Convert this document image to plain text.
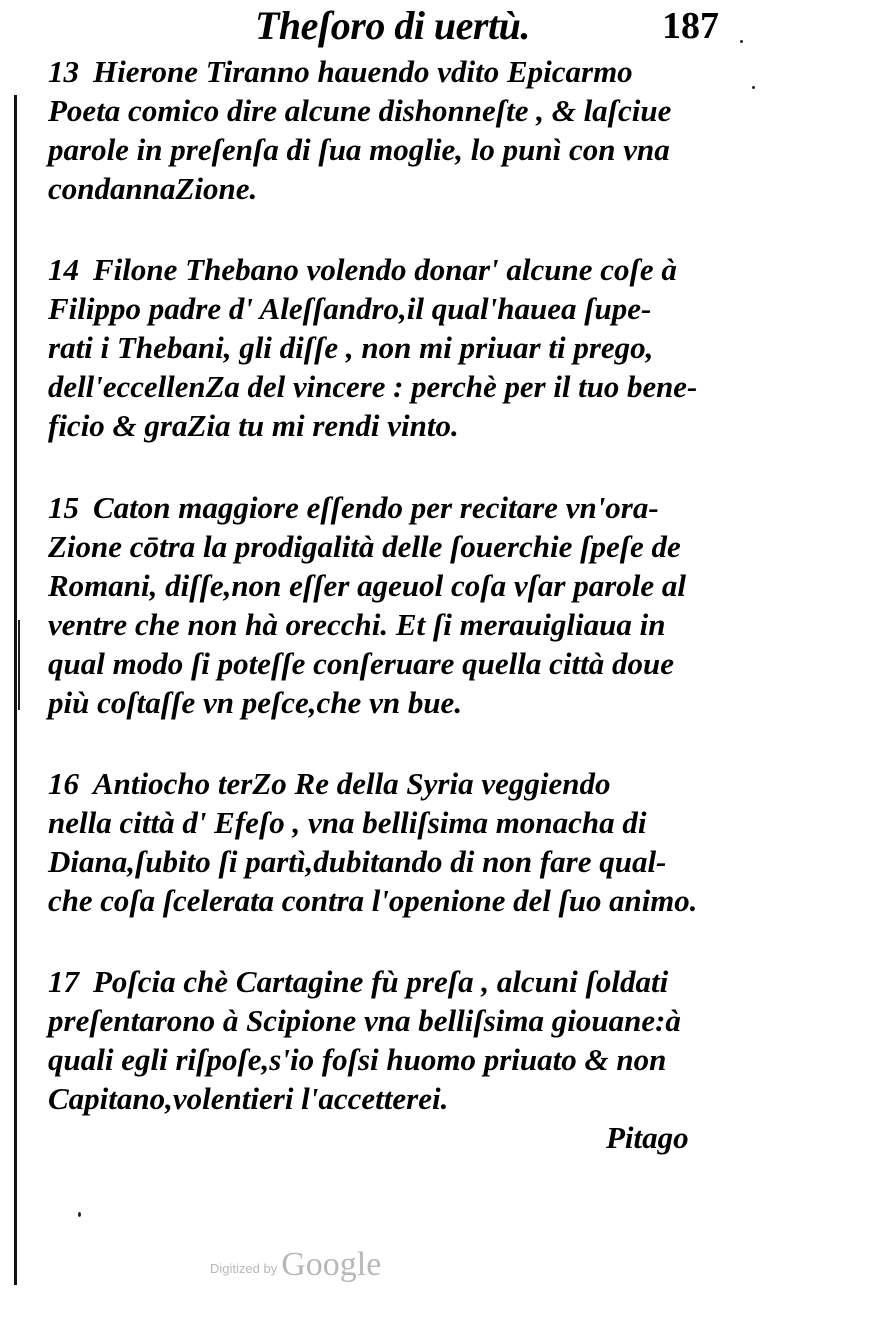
Theſoro di uertù.	187
13 Hierone Tiranno hauendo vdito Epicarmo
Poeta comico dire alcune dishonneſte , & laſciue
parole in preſenſa di ſua moglie, lo punì con vna
condannaZione.
14 Filone Thebano volendo donar' alcune coſe à
Filippo padre d' Aleſſandro,il qual'hauea ſupe-
rati i Thebani, gli diſſe , non mi priuar ti prego,
dell'eccellenZa del vincere : perchè per il tuo bene-
ficio & graZia tu mi rendi vinto.
15 Caton maggiore eſſendo per recitare vn'ora-
Zione cōtra la prodigalità delle ſouerchie ſpeſe de
Romani, diſſe,non eſſer ageuol coſa vſar parole al
ventre che non hà orecchi. Et ſi merauigliaua in
qual modo ſi poteſſe conſeruare quella città doue
più coſtaſſe vn peſce,che vn bue.
16 Antiocho terZo Re della Syria veggiendo
nella città d' Efeſo , vna belliſsima monacha di
Diana,ſubito ſi partì,dubitando di non fare qual-
che coſa ſcelerata contra l'openione del ſuo animo.
17 Poſcia chè Cartagine fù preſa , alcuni ſoldati
preſentarono à Scipione vna belliſsima giouane:à
quali egli riſpoſe,s'io foſsi huomo priuato & non
Capitano,volentieri l'accetterei.
Pitago
Digitized by Google
